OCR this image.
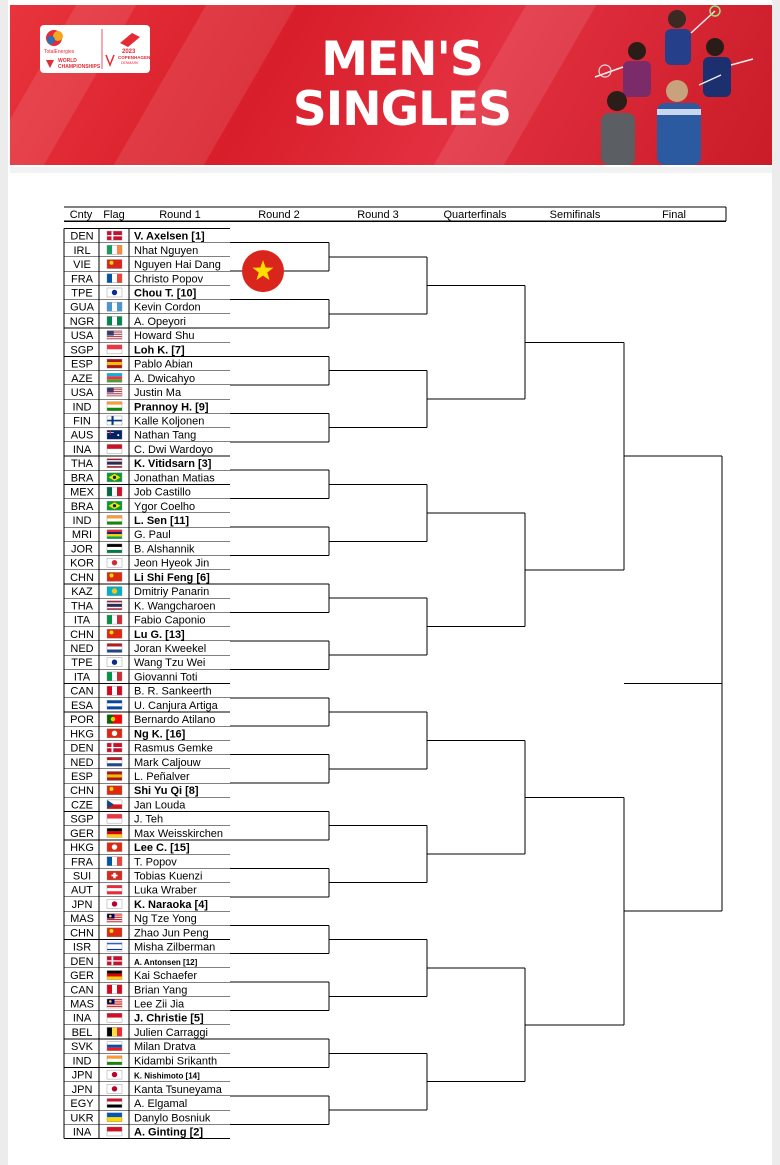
TotalEnergies
WORLD
CHAMPIONSHIPS
2023
COPENHAGEN
DENMARK	MEN'S
SINGLES
Cnty Flag	Round 1	Round 2	Round 3	Quarterfinals	Semifinals	Final
DEN	V. Axelsen [1]
IRL	Nhat Nguyen
VIE	Nguyen Hai Dang
FRA	Christo Popov
TPE	Chou T. [10]
GUA	Kevin Cordon
NGR	A. Opeyori
USA	Howard Shu
SGP	Loh K. [7]
ESP	Pablo Abian
AZE	A. Dwicahyo
USA	Justin Ma
IND	Prannoy H. [9]
FIN	Kalle Koljonen
AUS	Nathan Tang
INA	C. Dwi Wardoyo
THA	K. Vitidsarn [3]
BRA	Jonathan Matias
MEX	Job Castillo
BRA	Ygor Coelho
IND	L. Sen [11]
MRI	G. Paul
JOR	B. Alshannik
KOR	Jeon Hyeok Jin
CHN	Li Shi Feng [6]
KAZ	Dmitriy Panarin
THA	K. Wangcharoen
ITA	Fabio Caponio
CHN	Lu G. [13]
NED	Joran Kweekel
TPE	Wang Tzu Wei
ITA	Giovanni Toti
CAN	B. R. Sankeerth
ESA	U. Canjura Artiga
POR	Bernardo Atilano
HKG	Ng K. [16]
DEN	Rasmus Gemke
NED	Mark Caljouw
ESP	L. Peñalver
CHN	Shi Yu Qi [8]
CZE	Jan Louda
SGP	J. Teh
GER	Max Weisskirchen
HKG	Lee C. [15]
FRA	T. Popov
SUI	Tobias Kuenzi
AUT	Luka Wraber
JPN	K. Naraoka [4]
MAS	Ng Tze Yong
CHN	Zhao Jun Peng
ISR	Misha Zilberman
DEN	A. Antonsen [12]
GER	Kai Schaefer
CAN	Brian Yang
MAS	Lee Zii Jia
INA	J. Christie [5]
BEL	Julien Carraggi
SVK	Milan Dratva
IND	Kidambi Srikanth
JPN	K. Nishimoto [14]
JPN	Kanta Tsuneyama
EGY	A. Elgamal
UKR	Danylo Bosniuk
INA	A. Ginting [2]
